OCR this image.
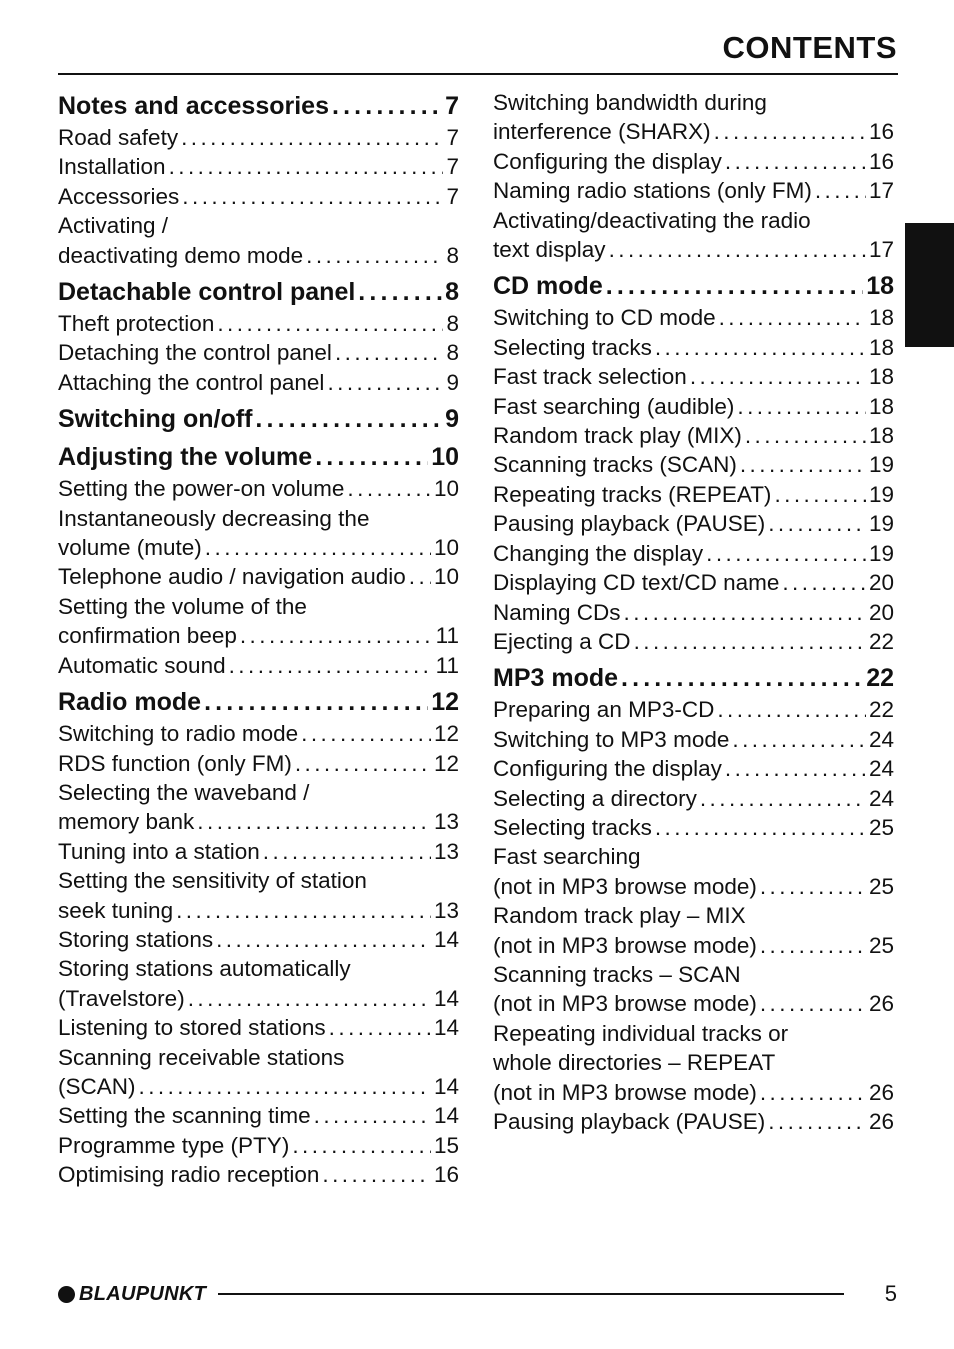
CONTENTS
Notes and accessories . . .	7
Road safety . . .	7
Installation . . .	7
Accessories . . .	7
Activating /
deactivating demo mode . . .	8
Detachable control panel . . .	8
Theft protection . . .	8
Detaching the control panel . . .	8
Attaching the control panel . . .	9
Switching on/off . . .	9
Adjusting the volume . . .	10
Setting the power-on volume . . .	10
Instantaneously decreasing the
volume (mute) . . .	10
Telephone audio / navigation audio . . . 10
Setting the volume of the
confirmation beep . . .	11
Automatic sound . . .	11
Radio mode . . .	12
Switching to radio mode . . .	12
RDS function (only FM) . . .	12
Selecting the waveband /
memory bank . . .	13
Tuning into a station . . .	13
Setting the sensitivity of station
seek tuning . . .	13
Storing stations . . .	14
Storing stations automatically
(Travelstore) . . .	14
Listening to stored stations . . .	14
Scanning receivable stations
(SCAN) . . .	14
Setting the scanning time . . .	14
Programme type (PTY) . . .	15
Optimising radio reception . . .	16
Switching bandwidth during
interference (SHARX) . . .	16
Configuring the display . . .	16
Naming radio stations (only FM) . . .	17
Activating/deactivating the radio
text display . . .	17
CD mode . . .	18
Switching to CD mode . . .	18
Selecting tracks . . .	18
Fast track selection . . .	18
Fast searching (audible) . . .	18
Random track play (MIX) . . .	18
Scanning tracks (SCAN) . . .	19
Repeating tracks (REPEAT) . . .	19
Pausing playback (PAUSE) . . .	19
Changing the display . . .	19
Displaying CD text/CD name . . .	20
Naming CDs . . .	20
Ejecting a CD . . .	22
MP3 mode . . .	22
Preparing an MP3-CD . . .	22
Switching to MP3 mode . . .	24
Configuring the display . . .	24
Selecting a directory . . .	24
Selecting tracks . . .	25
Fast searching
(not in MP3 browse mode) . . .	25
Random track play – MIX
(not in MP3 browse mode) . . .	25
Scanning tracks – SCAN
(not in MP3 browse mode) . . .	26
Repeating individual tracks or
whole directories – REPEAT
(not in MP3 browse mode) . . .	26
Pausing playback (PAUSE) . . .	26
BLAUPUNKT	5
